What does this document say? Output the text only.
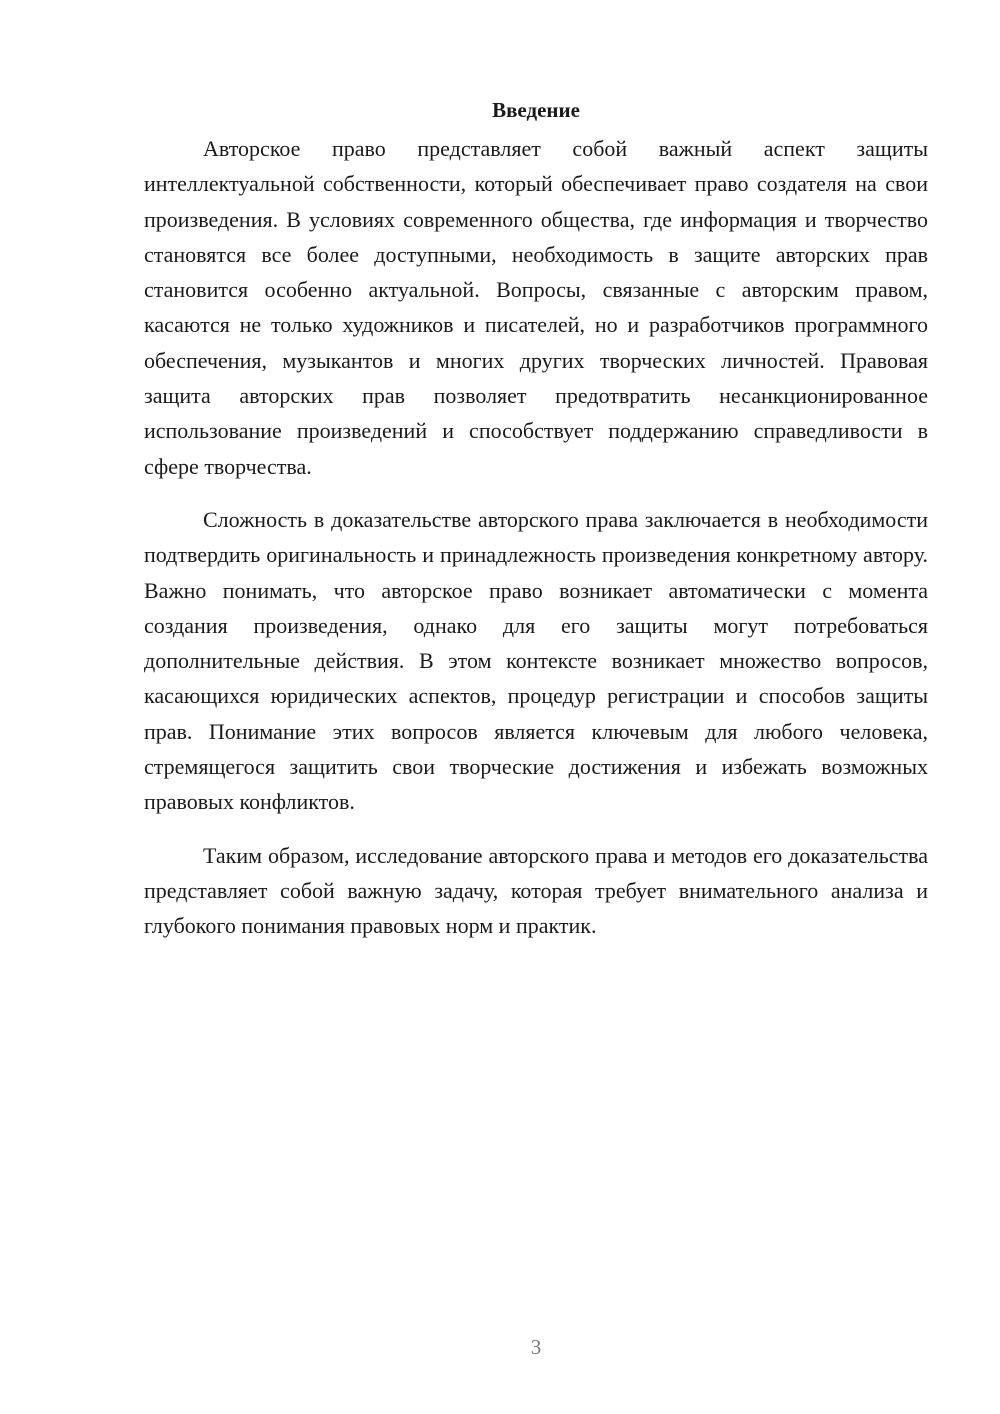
Введение

Авторское право представляет собой важный аспект защиты интеллектуальной собственности, который обеспечивает право создателя на свои произведения. В условиях современного общества, где информация и творчество становятся все более доступными, необходимость в защите авторских прав становится особенно актуальной. Вопросы, связанные с авторским правом, касаются не только художников и писателей, но и разработчиков программного обеспечения, музыкантов и многих других творческих личностей. Правовая защита авторских прав позволяет предотвратить несанкционированное использование произведений и способствует поддержанию справедливости в сфере творчества.

Сложность в доказательстве авторского права заключается в необходимости подтвердить оригинальность и принадлежность произведения конкретному автору. Важно понимать, что авторское право возникает автоматически с момента создания произведения, однако для его защиты могут потребоваться дополнительные действия. В этом контексте возникает множество вопросов, касающихся юридических аспектов, процедур регистрации и способов защиты прав. Понимание этих вопросов является ключевым для любого человека, стремящегося защитить свои творческие достижения и избежать возможных правовых конфликтов.

Таким образом, исследование авторского права и методов его доказательства представляет собой важную задачу, которая требует внимательного анализа и глубокого понимания правовых норм и практик.

3
